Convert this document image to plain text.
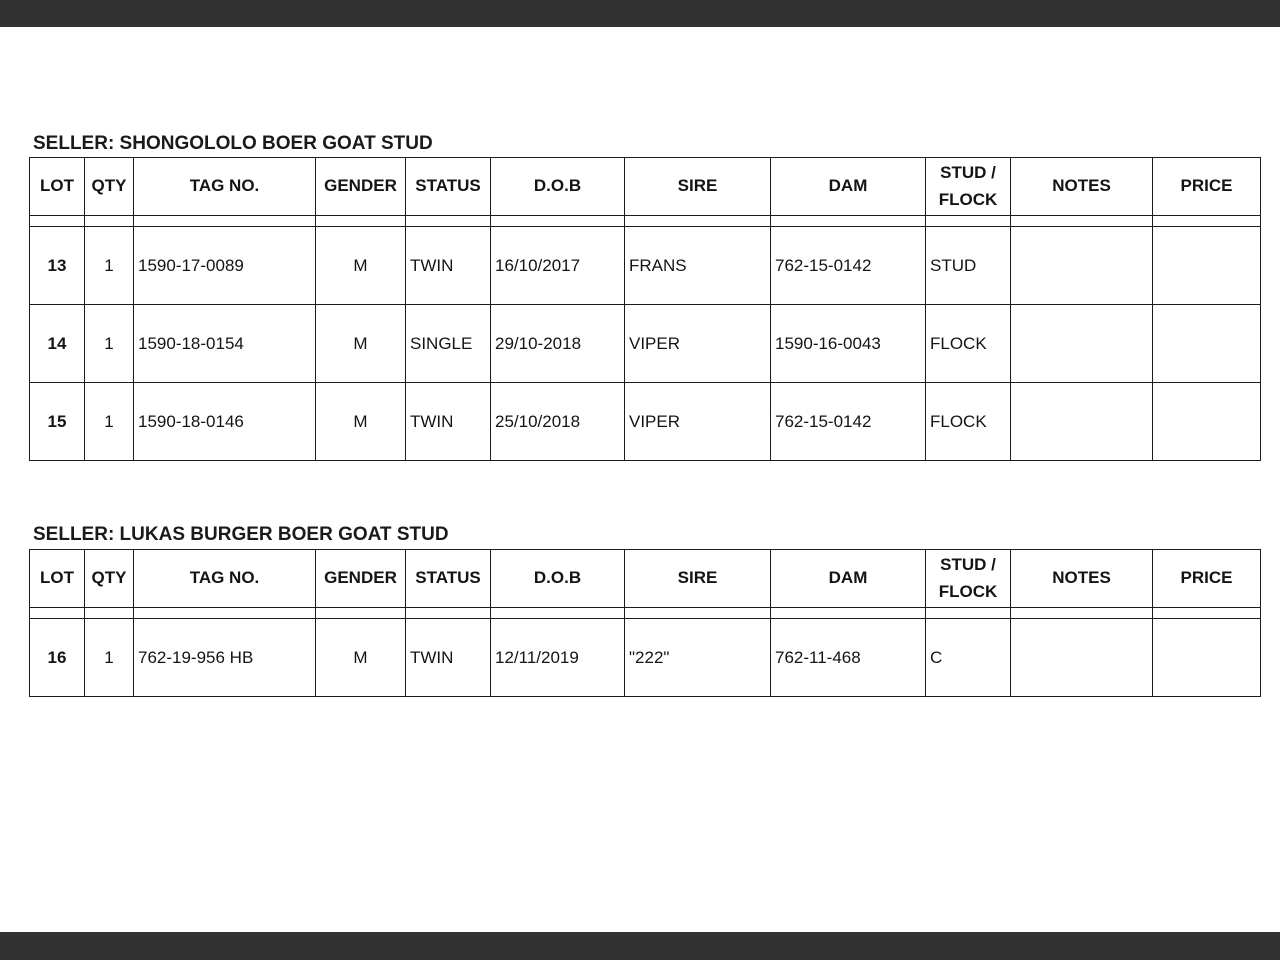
SELLER: SHONGOLOLO BOER GOAT STUD
LOT	QTY	TAG NO.	GENDER	STATUS	D.O.B	SIRE	DAM	STUD / FLOCK	NOTES	PRICE

13	1	1590-17-0089	M	TWIN	16/10/2017	FRANS	762-15-0142	STUD		
14	1	1590-18-0154	M	SINGLE	29/10-2018	VIPER	1590-16-0043	FLOCK		
15	1	1590-18-0146	M	TWIN	25/10/2018	VIPER	762-15-0142	FLOCK		
SELLER: LUKAS BURGER BOER GOAT STUD
LOT	QTY	TAG NO.	GENDER	STATUS	D.O.B	SIRE	DAM	STUD / FLOCK	NOTES	PRICE

16	1	762-19-956 HB	M	TWIN	12/11/2019	"222"	762-11-468	C		
